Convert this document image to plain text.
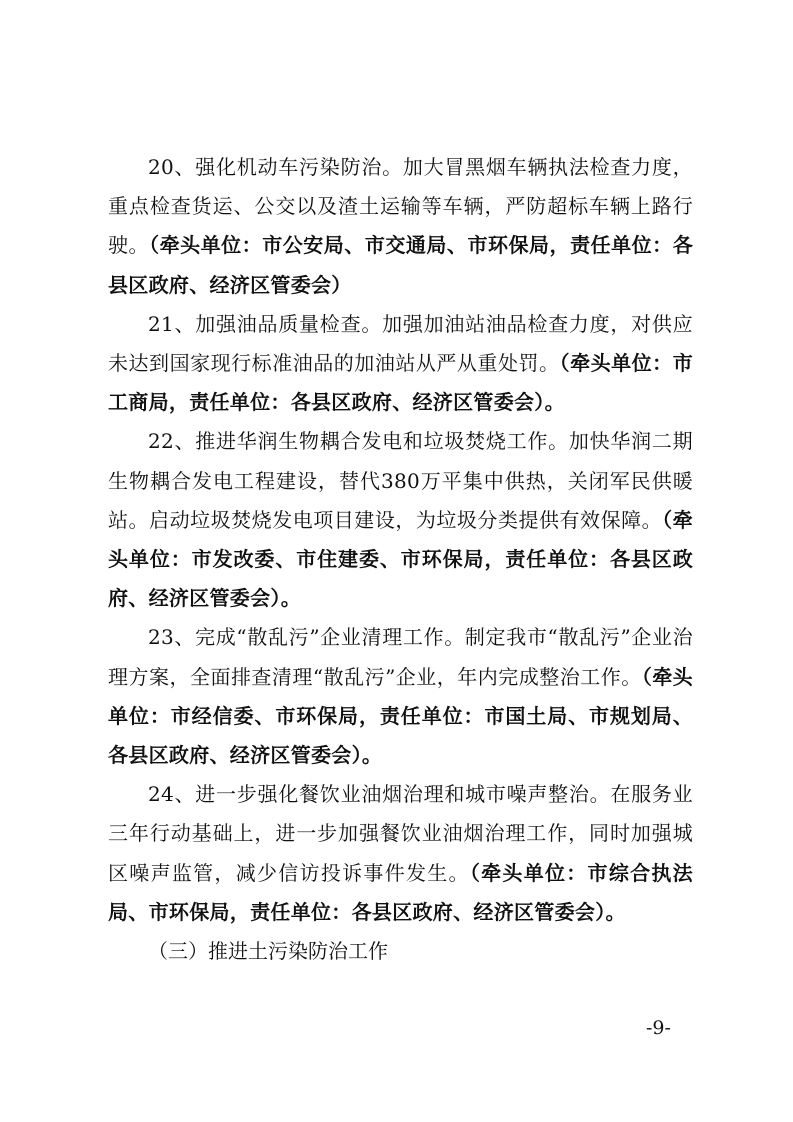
20、强化机动车污染防治。加大冒黑烟车辆执法检查力度，重点检查货运、公交以及渣土运输等车辆，严防超标车辆上路行驶。（牵头单位：市公安局、市交通局、市环保局，责任单位：各县区政府、经济区管委会）

21、加强油品质量检查。加强加油站油品检查力度，对供应未达到国家现行标准油品的加油站从严从重处罚。（牵头单位：市工商局，责任单位：各县区政府、经济区管委会）。

22、推进华润生物耦合发电和垃圾焚烧工作。加快华润二期生物耦合发电工程建设，替代380万平集中供热，关闭军民供暖站。启动垃圾焚烧发电项目建设，为垃圾分类提供有效保障。（牵头单位：市发改委、市住建委、市环保局，责任单位：各县区政府、经济区管委会）。

23、完成“散乱污”企业清理工作。制定我市“散乱污”企业治理方案，全面排查清理“散乱污”企业，年内完成整治工作。（牵头单位：市经信委、市环保局，责任单位：市国土局、市规划局、各县区政府、经济区管委会）。

24、进一步强化餐饮业油烟治理和城市噪声整治。在服务业三年行动基础上，进一步加强餐饮业油烟治理工作，同时加强城区噪声监管，减少信访投诉事件发生。（牵头单位：市综合执法局、市环保局，责任单位：各县区政府、经济区管委会）。

（三）推进土污染防治工作

-9-
